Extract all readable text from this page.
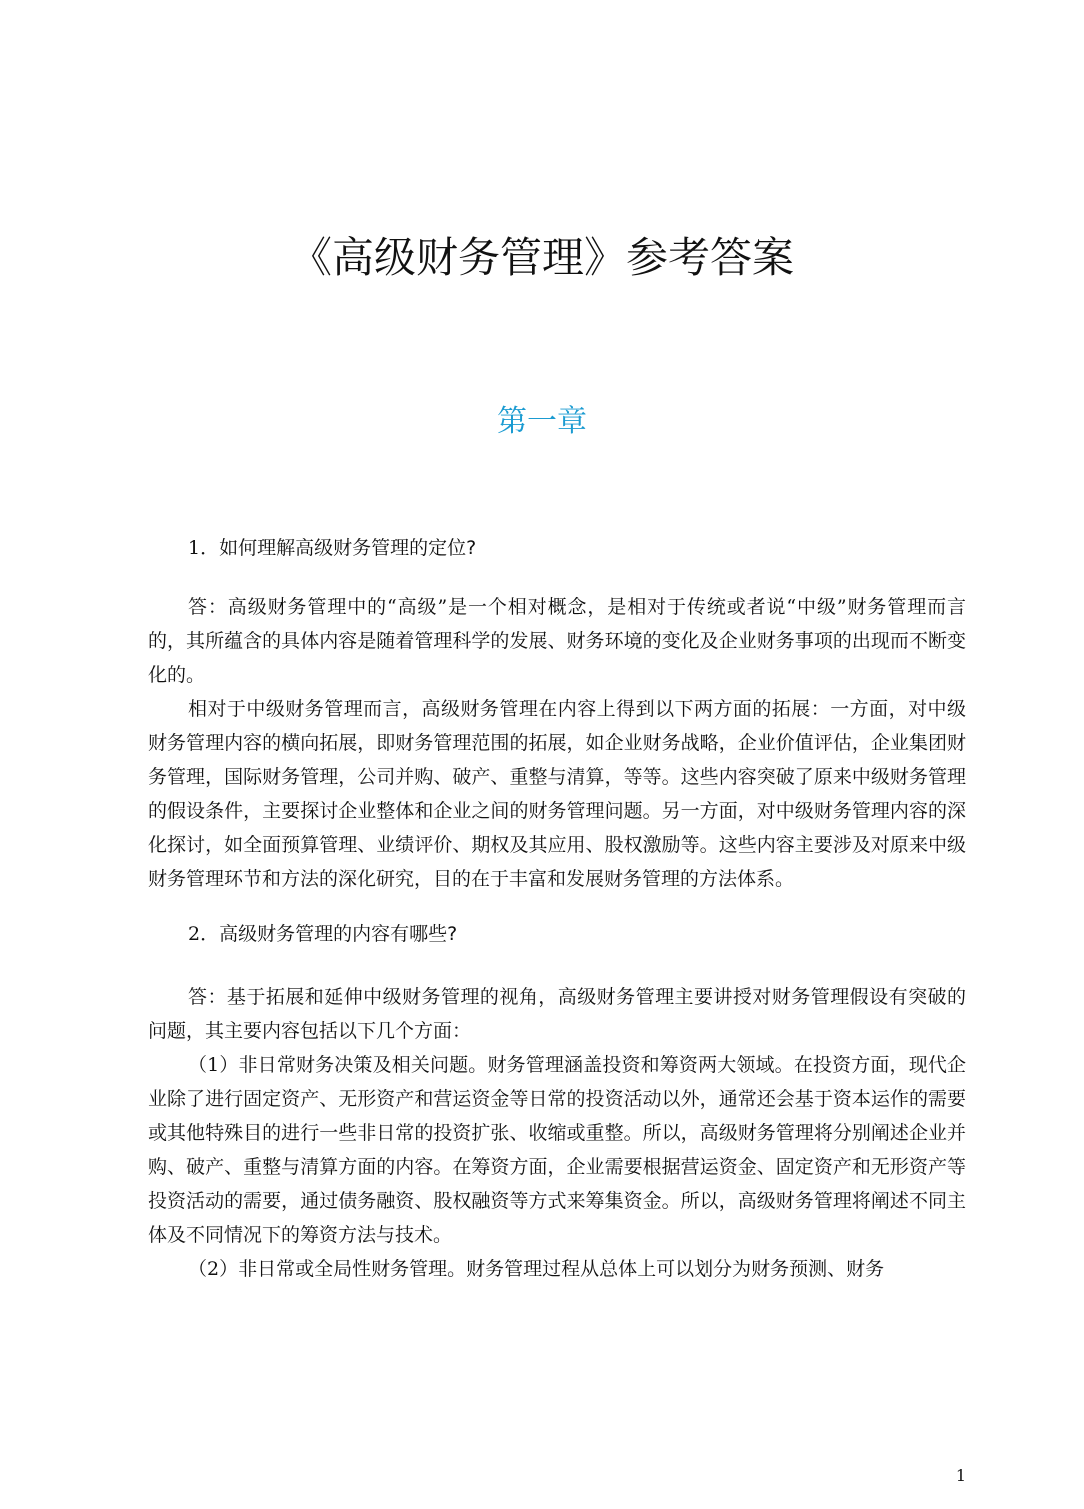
《高级财务管理》参考答案
第一章

1．如何理解高级财务管理的定位?

答：高级财务管理中的“高级”是一个相对概念，是相对于传统或者说“中级”财务管理而言的，其所蕴含的具体内容是随着管理科学的发展、财务环境的变化及企业财务事项的出现而不断变化的。

相对于中级财务管理而言，高级财务管理在内容上得到以下两方面的拓展：一方面，对中级财务管理内容的横向拓展，即财务管理范围的拓展，如企业财务战略，企业价值评估，企业集团财务管理，国际财务管理，公司并购、破产、重整与清算，等等。这些内容突破了原来中级财务管理的假设条件，主要探讨企业整体和企业之间的财务管理问题。另一方面，对中级财务管理内容的深化探讨，如全面预算管理、业绩评价、期权及其应用、股权激励等。这些内容主要涉及对原来中级财务管理环节和方法的深化研究，目的在于丰富和发展财务管理的方法体系。

2．高级财务管理的内容有哪些?

答：基于拓展和延伸中级财务管理的视角，高级财务管理主要讲授对财务管理假设有突破的问题，其主要内容包括以下几个方面：

（1）非日常财务决策及相关问题。财务管理涵盖投资和筹资两大领域。在投资方面，现代企业除了进行固定资产、无形资产和营运资金等日常的投资活动以外，通常还会基于资本运作的需要或其他特殊目的进行一些非日常的投资扩张、收缩或重整。所以，高级财务管理将分别阐述企业并购、破产、重整与清算方面的内容。在筹资方面，企业需要根据营运资金、固定资产和无形资产等投资活动的需要，通过债务融资、股权融资等方式来筹集资金。所以，高级财务管理将阐述不同主体及不同情况下的筹资方法与技术。

（2）非日常或全局性财务管理。财务管理过程从总体上可以划分为财务预测、财务

1
